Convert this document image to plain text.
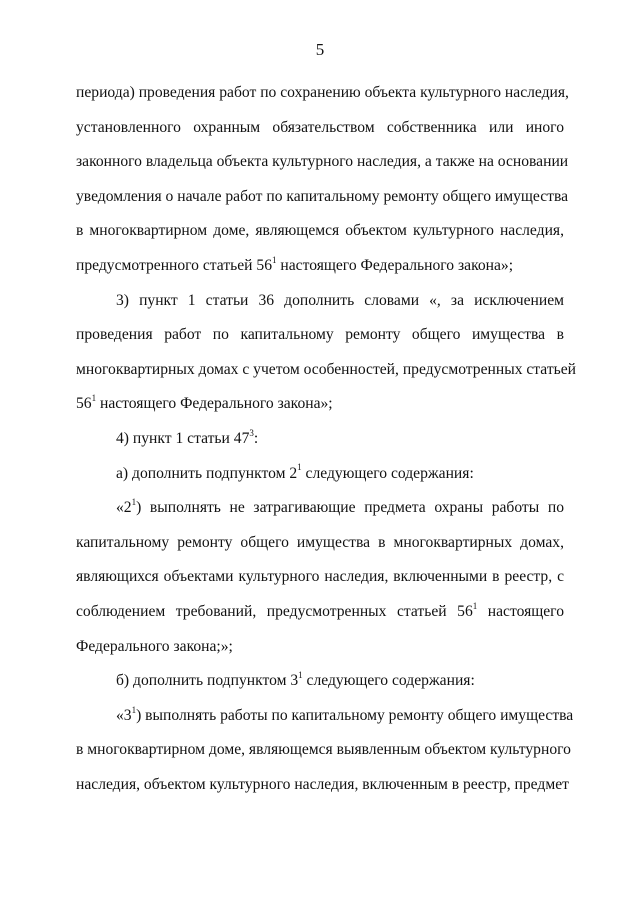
5
периода) проведения работ по сохранению объекта культурного наследия,
установленного охранным обязательством собственника или иного
законного владельца объекта культурного наследия, а также на основании
уведомления о начале работ по капитальному ремонту общего имущества
в многоквартирном доме, являющемся объектом культурного наследия,
предусмотренного статьей $56^1$ настоящего Федерального закона»;
3) пункт 1 статьи 36 дополнить словами «, за исключением
проведения работ по капитальному ремонту общего имущества в
многоквартирных домах с учетом особенностей, предусмотренных статьей
$56^1$ настоящего Федерального закона»;
4) пункт 1 статьи $47^3$:
а) дополнить подпунктом $2^1$ следующего содержания:
«$2^1$) выполнять не затрагивающие предмета охраны работы по
капитальному ремонту общего имущества в многоквартирных домах,
являющихся объектами культурного наследия, включенными в реестр, с
соблюдением требований, предусмотренных статьей $56^1$ настоящего
Федерального закона;»;
б) дополнить подпунктом $3^1$ следующего содержания:
«$3^1$) выполнять работы по капитальному ремонту общего имущества
в многоквартирном доме, являющемся выявленным объектом культурного
наследия, объектом культурного наследия, включенным в реестр, предмет
